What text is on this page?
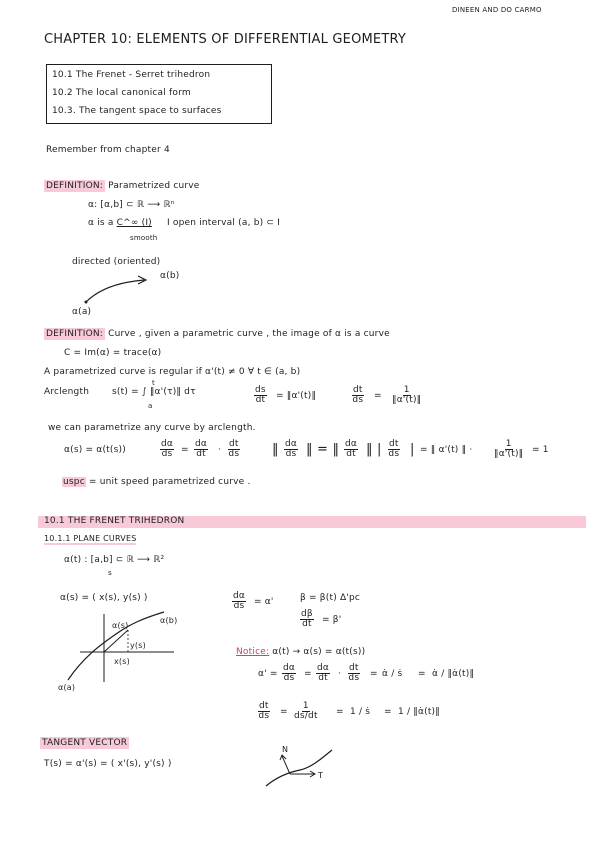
DINEEN AND DO CARMO
CHAPTER 10: ELEMENTS OF DIFFERENTIAL GEOMETRY
10.1 The Frenet - Serret trihedron
10.2 The local canonical form
10.3. The tangent space to surfaces
Remember from chapter 4
DEFINITION: Parametrized curve
α: [α,b] ⊂ ℝ ⟶ ℝⁿ
α is a C^∞ (I) I open interval (a, b) ⊂ I
smooth
directed (oriented)
α(b)
α(a)
DEFINITION: Curve , given a parametric curve , the image of α is a curve
C = Im(α) = trace(α)
A parametrized curve is regular if α'(t) ≠ 0 ∀ t ∈ (a, b)
Arclength	s(t) = ∫ ‖α'(τ)‖ dτ
t
a
$\frac{ds}{dt}$ = ‖α'(t)‖	$\frac{dt}{ds} = \frac{1}{‖\alpha'(t)‖}$
we can parametrize any curve by arclength.
α(s) = α(t(s))	$\frac{d\alpha}{ds} = \frac{d\alpha}{dt} \cdot \frac{dt}{ds}$ ‖ $\frac{d\alpha}{ds}$ ‖ = ‖ $\frac{d\alpha}{dt}$ ‖ | $\frac{dt}{ds}$ | = ‖ α'(t) ‖ · $\frac{1}{‖\alpha'(t)‖} = 1$
uspc = unit speed parametrized curve .
10.1 THE FRENET TRIHEDRON
10.1.1 PLANE CURVES
α(t) : [a,b] ⊂ ℝ ⟶ ℝ²
s
α(s) = ( x(s), y(s) )
α(s)
α(b)
y(s)
x(s)
α(a)
$\frac{d\alpha}{ds} = \alpha'$	β = β(t) Δ'pc
$\frac{d\beta}{dt} = \beta'$
Notice: α(t) → α(s) = α(t(s))
$\alpha' = \frac{d\alpha}{ds} = \frac{d\alpha}{dt} \cdot \frac{dt}{ds}$ = α̇ / ṡ = α̇ / ‖α̇(t)‖
$\frac{dt}{ds} = \frac{1}{ds/dt} = 1$ / ṡ = 1 / ‖α̇(t)‖
TANGENT VECTOR
T(s) = α'(s) = ( x'(s), y'(s) )
N
T
